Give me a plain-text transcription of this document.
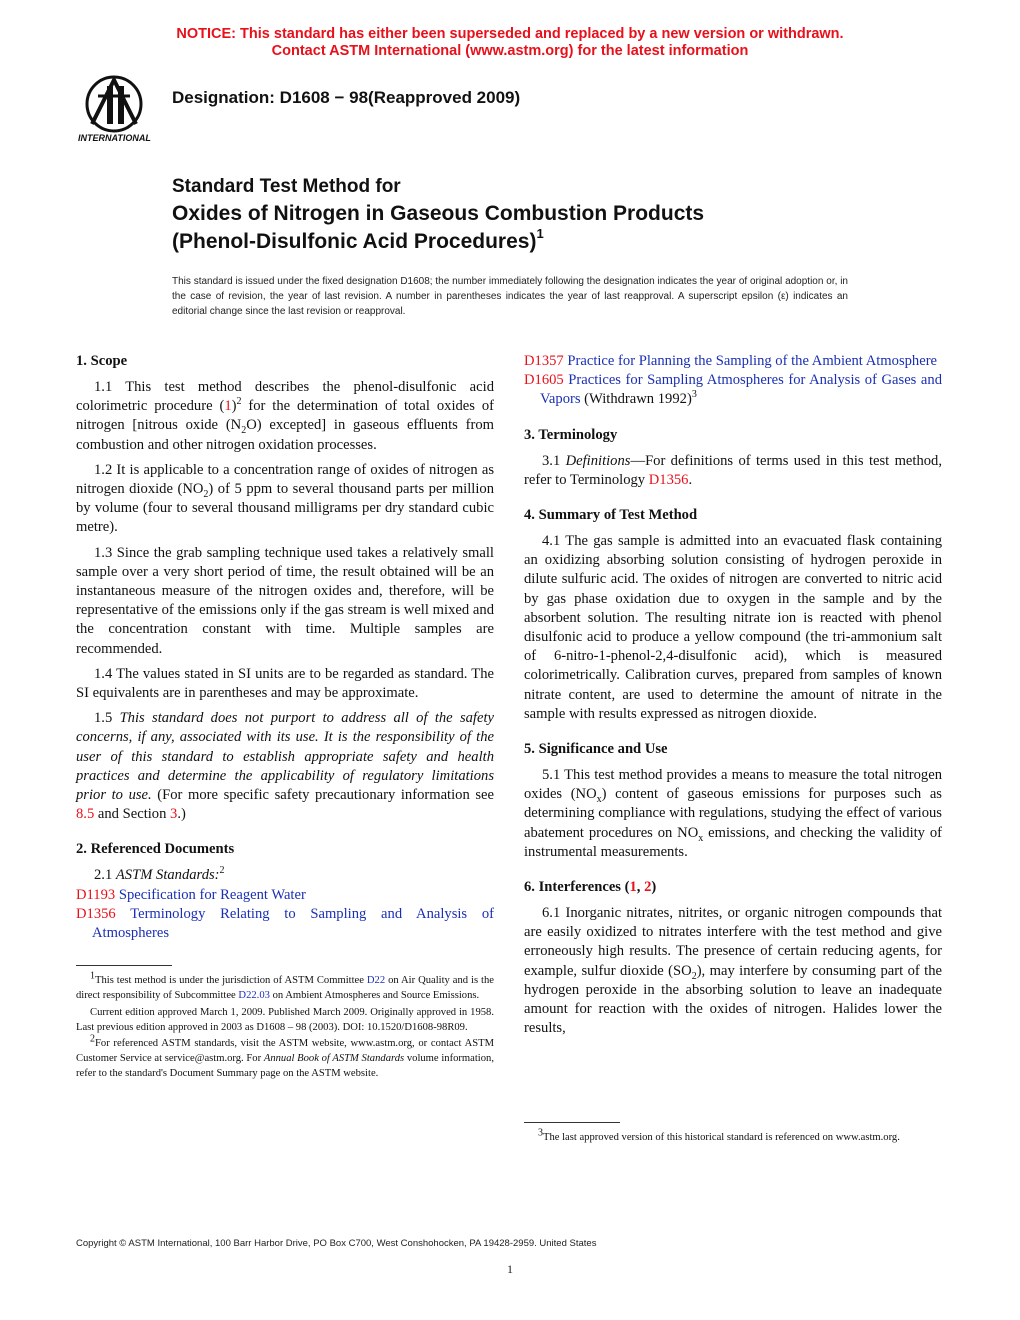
NOTICE: This standard has either been superseded and replaced by a new version or withdrawn.
Contact ASTM International (www.astm.org) for the latest information
INTERNATIONAL
Designation: D1608 − 98(Reapproved 2009)
Standard Test Method for
Oxides of Nitrogen in Gaseous Combustion Products
(Phenol-Disulfonic Acid Procedures)$^1$
This standard is issued under the fixed designation D1608; the number immediately following the designation indicates the year of original adoption or, in the case of revision, the year of last revision. A number in parentheses indicates the year of last reapproval. A superscript epsilon (ε) indicates an editorial change since the last revision or reapproval.
1. Scope

1.1 This test method describes the phenol-disulfonic acid colorimetric procedure $(1)^2$ for the determination of total oxides of nitrogen [nitrous oxide $(N_2O)$ excepted] in gaseous effluents from combustion and other nitrogen oxidation processes.

1.2 It is applicable to a concentration range of oxides of nitrogen as nitrogen dioxide $(NO_2)$ of 5 ppm to several thousand parts per million by volume (four to several thousand milligrams per dry standard cubic metre).

1.3 Since the grab sampling technique used takes a relatively small sample over a very short period of time, the result obtained will be an instantaneous measure of the nitrogen oxides and, therefore, will be representative of the emissions only if the gas stream is well mixed and the concentration constant with time. Multiple samples are recommended.

1.4 The values stated in SI units are to be regarded as standard. The SI equivalents are in parentheses and may be approximate.

1.5 This standard does not purport to address all of the safety concerns, if any, associated with its use. It is the responsibility of the user of this standard to establish appropriate safety and health practices and determine the applicability of regulatory limitations prior to use. (For more specific safety precautionary information see 8.5 and Section 3.)

2. Referenced Documents

2.1 ASTM Standards:$^2$

D1193 Specification for Reagent Water
D1356 Terminology Relating to Sampling and Analysis of Atmospheres
$^1$This test method is under the jurisdiction of ASTM Committee D22 on Air Quality and is the direct responsibility of Subcommittee D22.03 on Ambient Atmospheres and Source Emissions.
Current edition approved March 1, 2009. Published March 2009. Originally approved in 1958. Last previous edition approved in 2003 as D1608 – 98 (2003). DOI: 10.1520/D1608-98R09.
$^2$For referenced ASTM standards, visit the ASTM website, www.astm.org, or contact ASTM Customer Service at service@astm.org. For Annual Book of ASTM Standards volume information, refer to the standard's Document Summary page on the ASTM website.
D1357 Practice for Planning the Sampling of the Ambient Atmosphere
D1605 Practices for Sampling Atmospheres for Analysis of Gases and Vapors (Withdrawn 1992)$^3$
3. Terminology

3.1 Definitions—For definitions of terms used in this test method, refer to Terminology D1356.

4. Summary of Test Method

4.1 The gas sample is admitted into an evacuated flask containing an oxidizing absorbing solution consisting of hydrogen peroxide in dilute sulfuric acid. The oxides of nitrogen are converted to nitric acid by gas phase oxidation due to oxygen in the sample and by the absorbent solution. The resulting nitrate ion is reacted with phenol disulfonic acid to produce a yellow compound (the tri-ammonium salt of 6-nitro-1-phenol-2,4-disulfonic acid), which is measured colorimetrically. Calibration curves, prepared from samples of known nitrate content, are used to determine the amount of nitrate in the sample with results expressed as nitrogen dioxide.

5. Significance and Use

5.1 This test method provides a means to measure the total nitrogen oxides $(NO_x)$ content of gaseous emissions for purposes such as determining compliance with regulations, studying the effect of various abatement procedures on $NO_x$ emissions, and checking the validity of instrumental measurements.

6. Interferences (1, 2)

6.1 Inorganic nitrates, nitrites, or organic nitrogen compounds that are easily oxidized to nitrates interfere with the test method and give erroneously high results. The presence of certain reducing agents, for example, sulfur dioxide $(SO_2)$, may interfere by consuming part of the hydrogen peroxide in the absorbing solution to leave an inadequate amount for reaction with the oxides of nitrogen. Halides lower the results,

$^3$The last approved version of this historical standard is referenced on www.astm.org.
Copyright © ASTM International, 100 Barr Harbor Drive, PO Box C700, West Conshohocken, PA 19428-2959. United States
1
